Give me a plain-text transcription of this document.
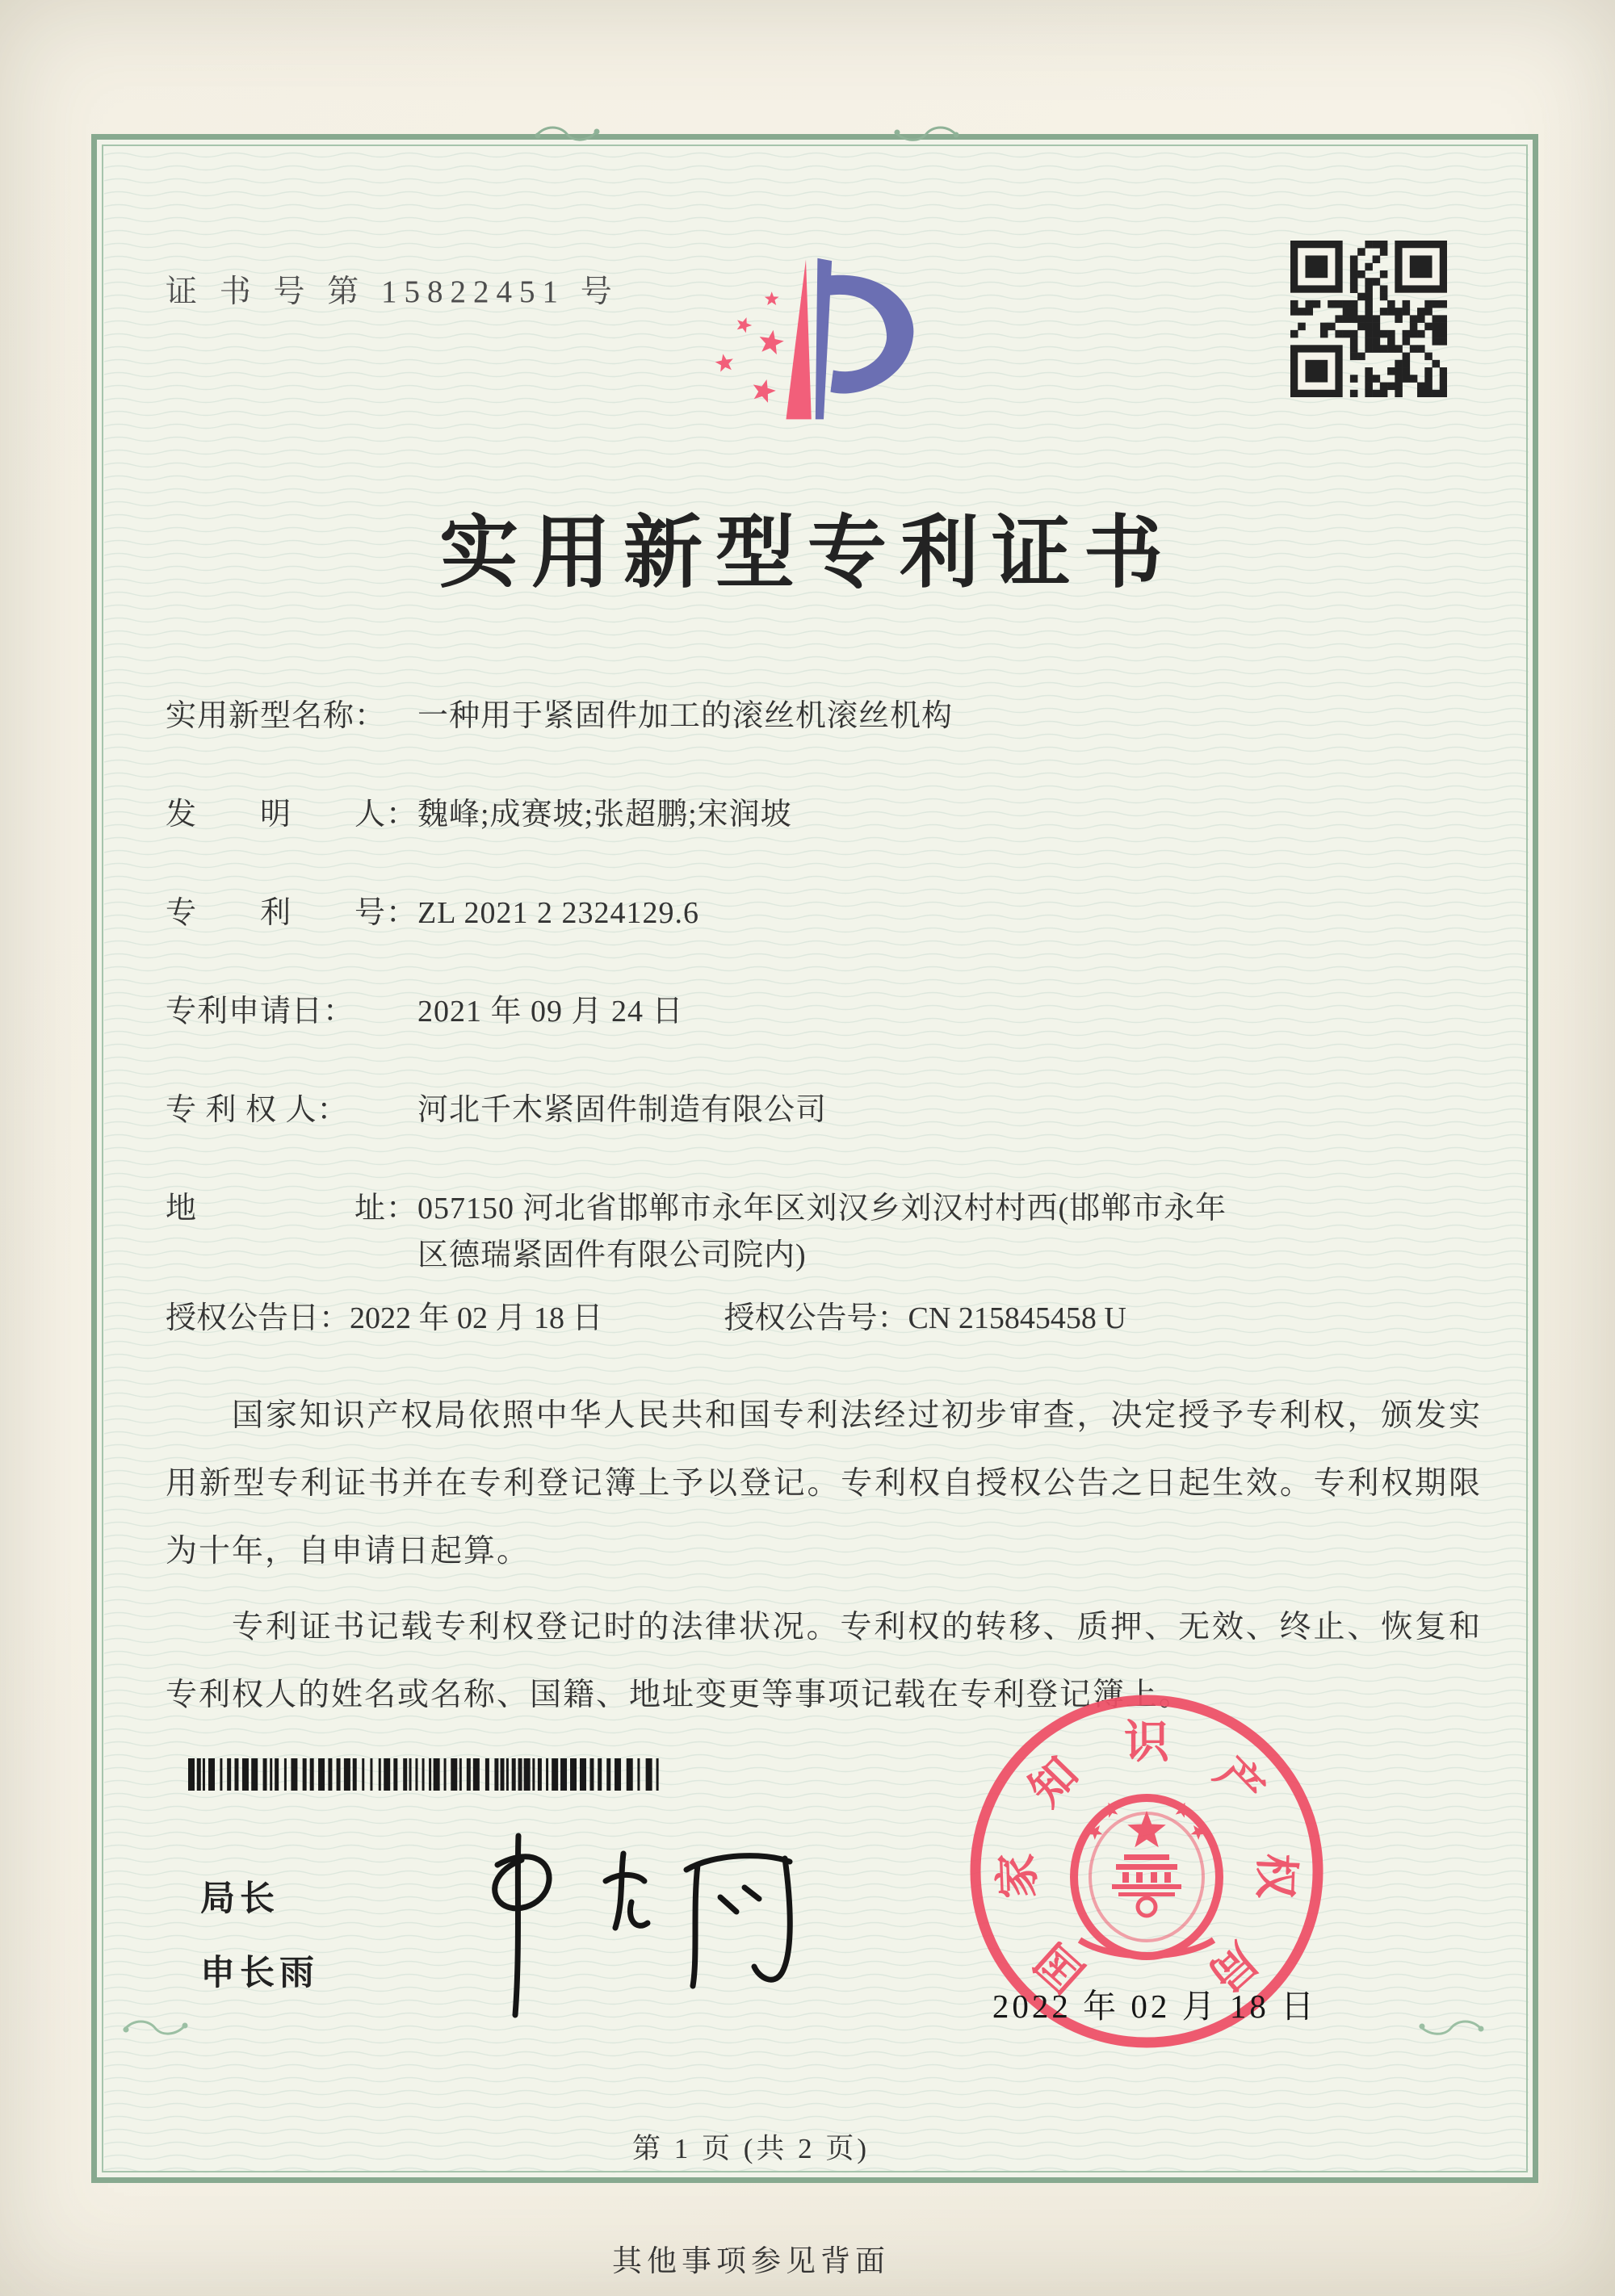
证 书 号 第 15822451 号
实用新型专利证书
实用新型名称：	一种用于紧固件加工的滚丝机滚丝机构
发　　明　　人： 魏峰;成赛坡;张超鹏;宋润坡
专　　利　　号： ZL 2021 2 2324129.6
专利申请日：	2021 年 09 月 24 日
专 利 权 人：	河北千木紧固件制造有限公司
地　　　　　址： 057150 河北省邯郸市永年区刘汉乡刘汉村村西(邯郸市永年区德瑞紧固件有限公司院内)
授权公告日：2022 年 02 月 18 日	授权公告号：CN 215845458 U

国家知识产权局依照中华人民共和国专利法经过初步审查，决定授予专利权，颁发实用新型专利证书并在专利登记簿上予以登记。专利权自授权公告之日起生效。专利权期限为十年，自申请日起算。

专利证书记载专利权登记时的法律状况。专利权的转移、质押、无效、终止、恢复和专利权人的姓名或名称、国籍、地址变更等事项记载在专利登记簿上。

局长
申长雨	国
家
知
识
产
权
局
2022 年 02 月 18 日
第 1 页 (共 2 页)
其他事项参见背面
